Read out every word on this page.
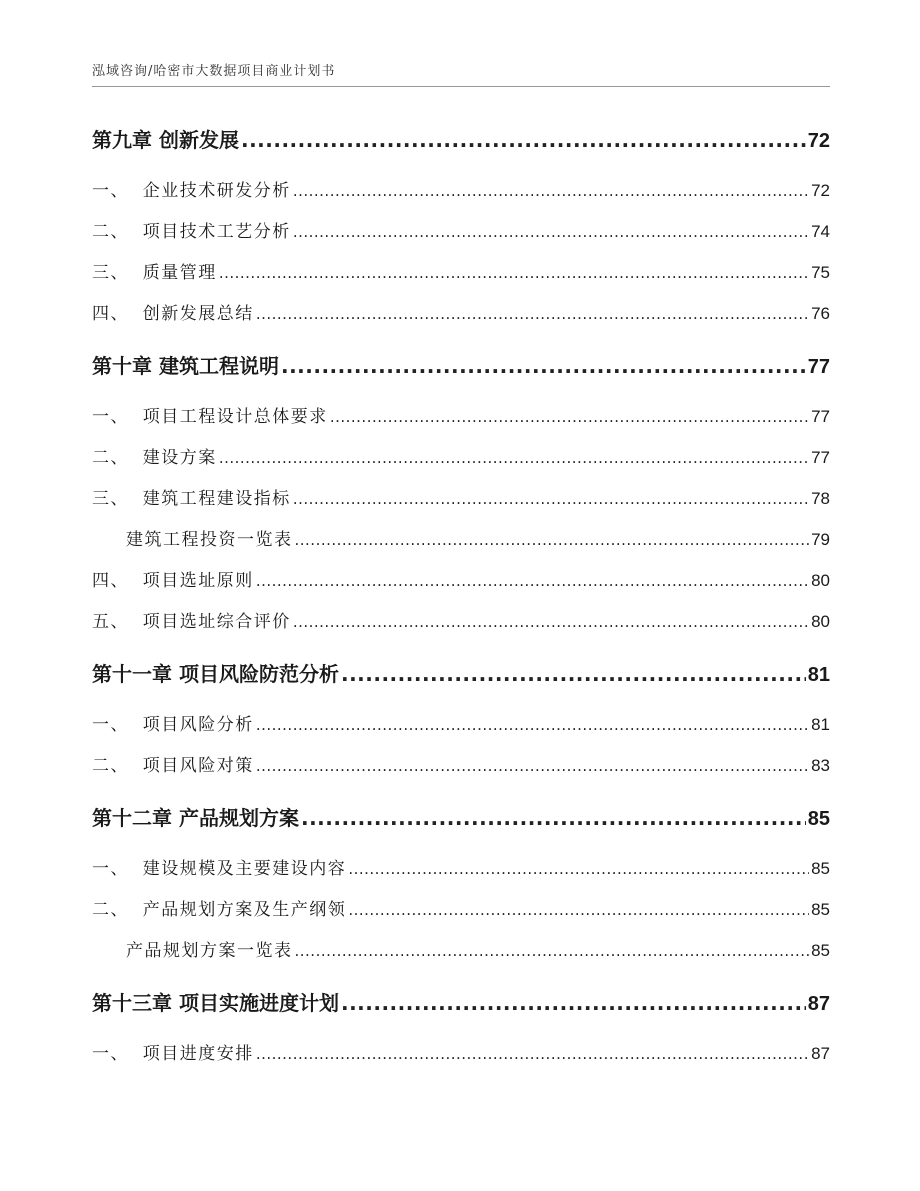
泓域咨询/哈密市大数据项目商业计划书
第九章 创新发展 .....	72
一、  企业技术研发分析 .....	72
二、  项目技术工艺分析 .....	74
三、  质量管理 .....	75
四、  创新发展总结 .....	76
第十章 建筑工程说明 .....	77
一、  项目工程设计总体要求 .....	77
二、  建设方案 .....	77
三、  建筑工程建设指标 .....	78
建筑工程投资一览表 .....	79
四、  项目选址原则 .....	80
五、  项目选址综合评价 .....	80
第十一章 项目风险防范分析 .....	81
一、  项目风险分析 .....	81
二、  项目风险对策 .....	83
第十二章 产品规划方案 .....	85
一、  建设规模及主要建设内容 .....	85
二、  产品规划方案及生产纲领 .....	85
产品规划方案一览表 .....	85
第十三章 项目实施进度计划 .....	87
一、  项目进度安排 .....	87
